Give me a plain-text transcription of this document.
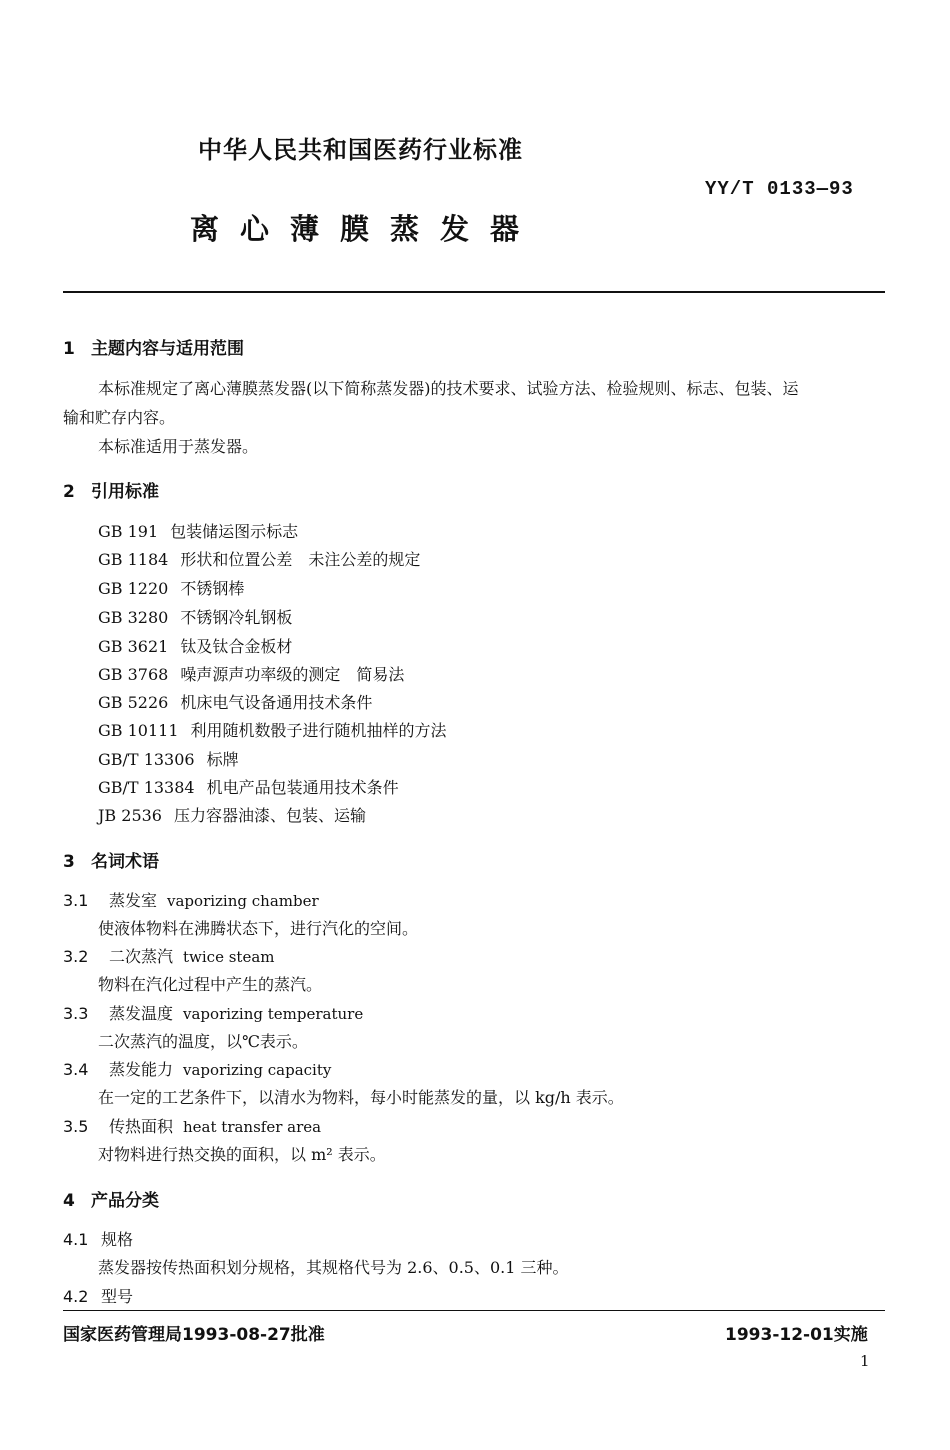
中华人民共和国医药行业标准
YY/T 0133—93
离心薄膜蒸发器
1 主题内容与适用范围
本标准规定了离心薄膜蒸发器(以下简称蒸发器)的技术要求、试验方法、检验规则、标志、包装、运
输和贮存内容。
本标准适用于蒸发器。
2 引用标准
GB 191 包装储运图示标志
GB 1184 形状和位置公差　未注公差的规定
GB 1220 不锈钢棒
GB 3280 不锈钢冷轧钢板
GB 3621 钛及钛合金板材
GB 3768 噪声源声功率级的测定　简易法
GB 5226 机床电气设备通用技术条件
GB 10111 利用随机数骰子进行随机抽样的方法
GB/T 13306 标牌
GB/T 13384 机电产品包装通用技术条件
JB 2536 压力容器油漆、包装、运输
3 名词术语
3.1 蒸发室 vaporizing chamber
使液体物料在沸腾状态下，进行汽化的空间。
3.2 二次蒸汽 twice steam
物料在汽化过程中产生的蒸汽。
3.3 蒸发温度 vaporizing temperature
二次蒸汽的温度，以℃表示。
3.4 蒸发能力 vaporizing capacity
在一定的工艺条件下，以清水为物料，每小时能蒸发的量，以 kg/h 表示。
3.5 传热面积 heat transfer area
对物料进行热交换的面积，以 m² 表示。
4 产品分类
4.1 规格
蒸发器按传热面积划分规格，其规格代号为 2.6、0.5、0.1 三种。
4.2 型号
国家医药管理局1993-08-27批准	1993-12-01实施
1
